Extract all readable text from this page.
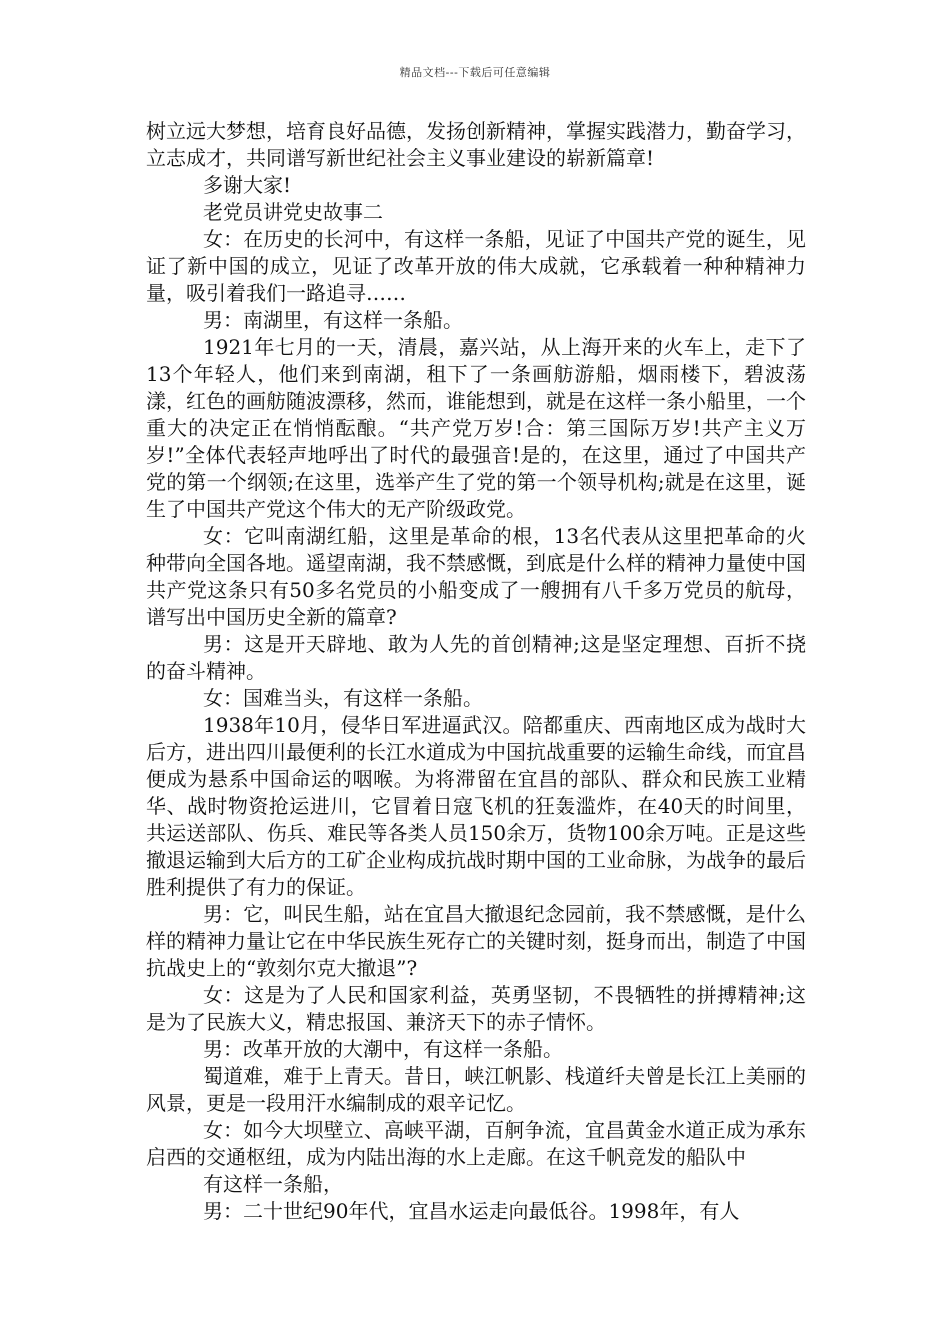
精品文档---下载后可任意编辑

树立远大梦想，培育良好品德，发扬创新精神，掌握实践潜力，勤奋学习，立志成才，共同谱写新世纪社会主义事业建设的崭新篇章!

多谢大家!

老党员讲党史故事二

女：在历史的长河中，有这样一条船，见证了中国共产党的诞生，见证了新中国的成立，见证了改革开放的伟大成就，它承载着一种种精神力量，吸引着我们一路追寻……

男：南湖里，有这样一条船。

1921年七月的一天，清晨，嘉兴站，从上海开来的火车上，走下了13个年轻人，他们来到南湖，租下了一条画舫游船，烟雨楼下，碧波荡漾，红色的画舫随波漂移，然而，谁能想到，就是在这样一条小船里，一个重大的决定正在悄悄酝酿。“共产党万岁!合：第三国际万岁!共产主义万岁!”全体代表轻声地呼出了时代的最强音!是的，在这里，通过了中国共产党的第一个纲领;在这里，选举产生了党的第一个领导机构;就是在这里，诞生了中国共产党这个伟大的无产阶级政党。

女：它叫南湖红船，这里是革命的根，13名代表从这里把革命的火种带向全国各地。遥望南湖，我不禁感慨，到底是什么样的精神力量使中国共产党这条只有50多名党员的小船变成了一艘拥有八千多万党员的航母，谱写出中国历史全新的篇章?

男：这是开天辟地、敢为人先的首创精神;这是坚定理想、百折不挠的奋斗精神。

女：国难当头，有这样一条船。

1938年10月，侵华日军进逼武汉。陪都重庆、西南地区成为战时大后方，进出四川最便利的长江水道成为中国抗战重要的运输生命线，而宜昌便成为悬系中国命运的咽喉。为将滞留在宜昌的部队、群众和民族工业精华、战时物资抢运进川，它冒着日寇飞机的狂轰滥炸，在40天的时间里，共运送部队、伤兵、难民等各类人员150余万，货物100余万吨。正是这些撤退运输到大后方的工矿企业构成抗战时期中国的工业命脉，为战争的最后胜利提供了有力的保证。

男：它，叫民生船，站在宜昌大撤退纪念园前，我不禁感慨，是什么样的精神力量让它在中华民族生死存亡的关键时刻，挺身而出，制造了中国抗战史上的“敦刻尔克大撤退”?

女：这是为了人民和国家利益，英勇坚韧，不畏牺牲的拼搏精神;这是为了民族大义，精忠报国、兼济天下的赤子情怀。

男：改革开放的大潮中，有这样一条船。

蜀道难，难于上青天。昔日，峡江帆影、栈道纤夫曾是长江上美丽的风景，更是一段用汗水编制成的艰辛记忆。

女：如今大坝壁立、高峡平湖，百舸争流，宜昌黄金水道正成为承东启西的交通枢纽，成为内陆出海的水上走廊。在这千帆竞发的船队中

有这样一条船，

男：二十世纪90年代，宜昌水运走向最低谷。1998年，有人
